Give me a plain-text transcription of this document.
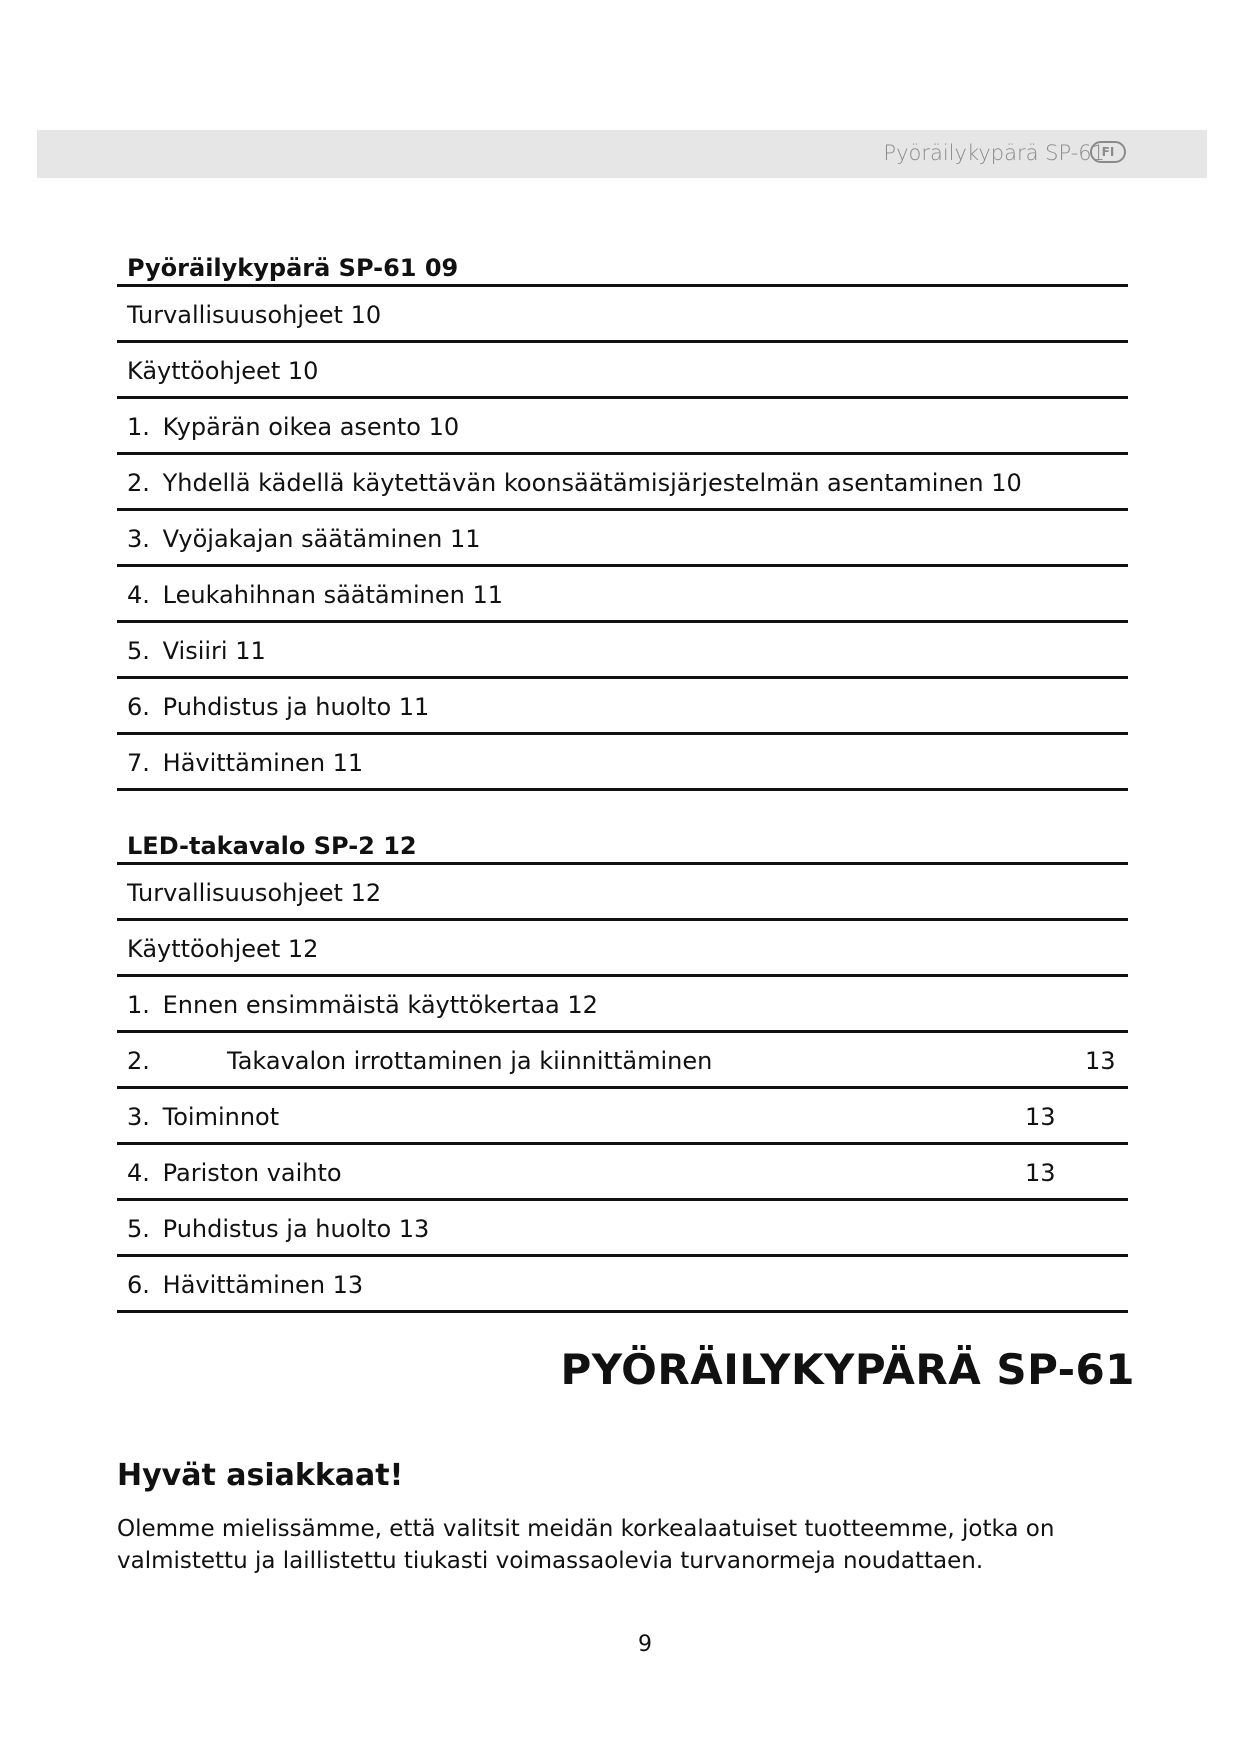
Pyöräilykypärä SP-61
FI
Pyöräilykypärä SP-61 09
Turvallisuusohjeet 10
Käyttöohjeet 10
1. Kypärän oikea asento 10
2. Yhdellä kädellä käytettävän koonsäätämisjärjestelmän asentaminen 10
3. Vyöjakajan säätäminen 11
4. Leukahihnan säätäminen 11
5. Visiiri 11
6. Puhdistus ja huolto 11
7. Hävittäminen 11
LED-takavalo SP-2 12
Turvallisuusohjeet 12
Käyttöohjeet 12
1. Ennen ensimmäistä käyttökertaa 12
2.	Takavalon irrottaminen ja kiinnittäminen	13
3. Toiminnot	13
4. Pariston vaihto	13
5. Puhdistus ja huolto 13
6. Hävittäminen 13
PYÖRÄILYKYPÄRÄ SP-61
Hyvät asiakkaat!
Olemme mielissämme, että valitsit meidän korkealaatuiset tuotteemme, jotka on valmistettu ja laillistettu tiukasti voimassaolevia turvanormeja noudattaen.
9
